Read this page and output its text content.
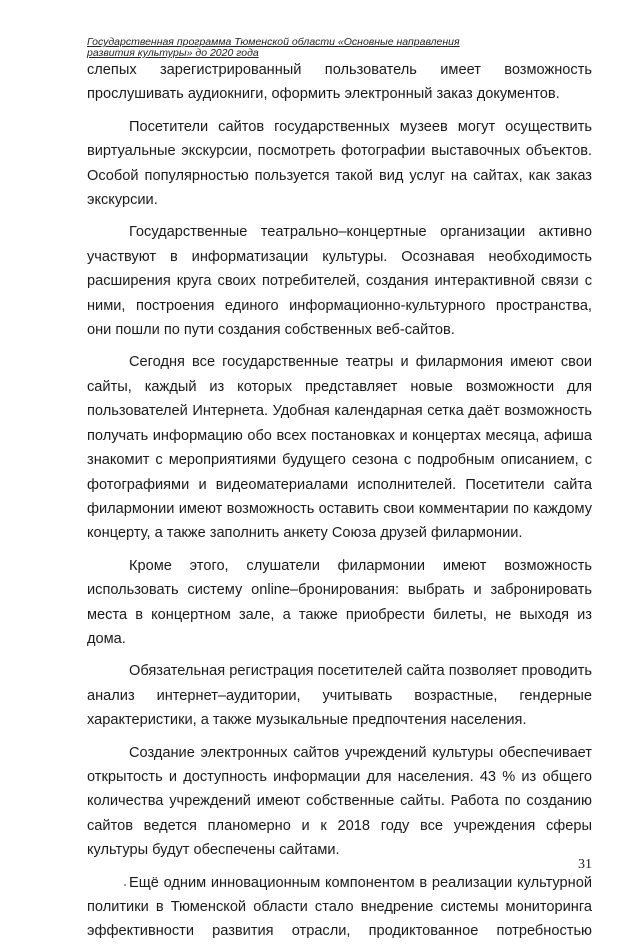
Государственная программа Тюменской области «Основные направления
развития культуры» до 2020 года

слепых зарегистрированный пользователь имеет возможность прослушивать аудиокниги, оформить электронный заказ документов.

Посетители сайтов государственных музеев могут осуществить виртуальные экскурсии, посмотреть фотографии выставочных объектов. Особой популярностью пользуется такой вид услуг на сайтах, как заказ экскурсии.

Государственные театрально–концертные организации активно участвуют в информатизации культуры. Осознавая необходимость расширения круга своих потребителей, создания интерактивной связи с ними, построения единого информационно-культурного пространства, они пошли по пути создания собственных веб-сайтов.

Сегодня все государственные театры и филармония имеют свои сайты, каждый из которых представляет новые возможности для пользователей Интернета. Удобная календарная сетка даёт возможность получать информацию обо всех постановках и концертах месяца, афиша знакомит с мероприятиями будущего сезона с подробным описанием, с фотографиями и видеоматериалами исполнителей. Посетители сайта филармонии имеют возможность оставить свои комментарии по каждому концерту, а также заполнить анкету Союза друзей филармонии.

Кроме этого, слушатели филармонии имеют возможность использовать систему online–бронирования: выбрать и забронировать места в концертном зале, а также приобрести билеты, не выходя из дома.

Обязательная регистрация посетителей сайта позволяет проводить анализ интернет–аудитории, учитывать возрастные, гендерные характеристики, а также музыкальные предпочтения населения.

Создание электронных сайтов учреждений культуры обеспечивает открытость и доступность информации для населения. 43 % из общего количества учреждений имеют собственные сайты. Работа по созданию сайтов ведется планомерно и к 2018 году все учреждения сферы культуры будут обеспечены сайтами.

Ещё одним инновационным компонентом в реализации культурной политики в Тюменской области стало внедрение системы мониторинга эффективности развития отрасли, продиктованное потребностью

31
